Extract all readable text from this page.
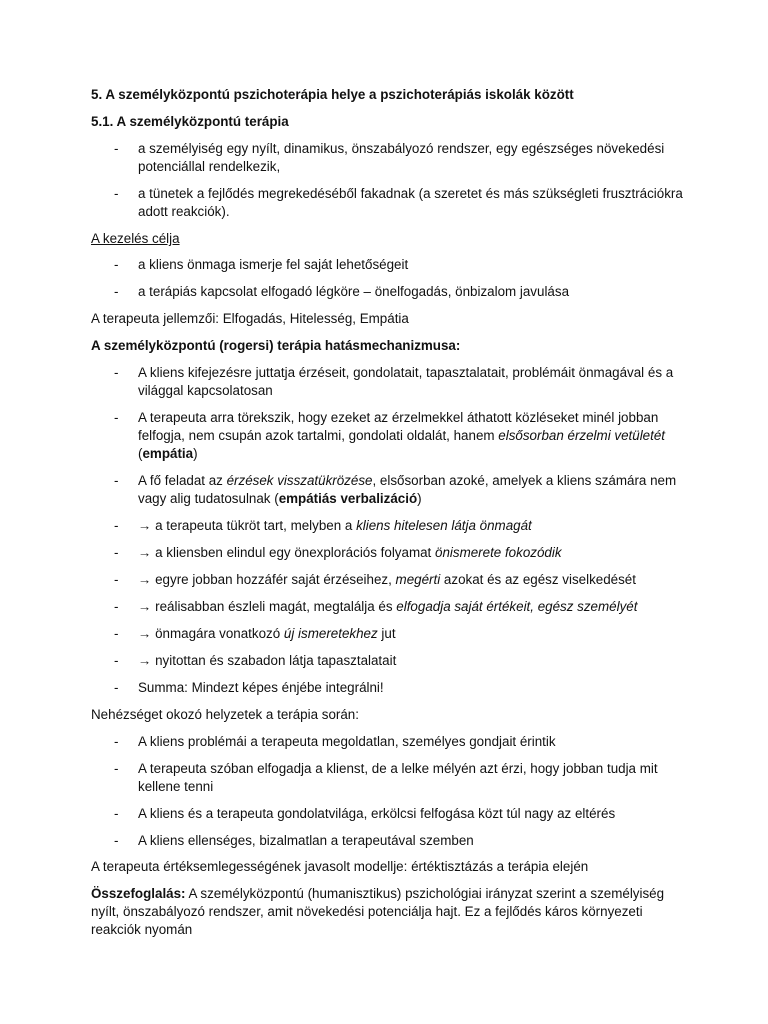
5. A személyközpontú pszichoterápia helye a pszichoterápiás iskolák között

5.1. A személyközpontú terápia

- a személyiség egy nyílt, dinamikus, önszabályozó rendszer, egy egészséges növekedési potenciállal rendelkezik,
- a tünetek a fejlődés megrekedéséből fakadnak (a szeretet és más szükségleti frusztrációkra adott reakciók).

A kezelés célja

- a kliens önmaga ismerje fel saját lehetőségeit
- a terápiás kapcsolat elfogadó légköre – önelfogadás, önbizalom javulása

A terapeuta jellemzői: Elfogadás, Hitelesség, Empátia

A személyközpontú (rogersi) terápia hatásmechanizmusa:

- A kliens kifejezésre juttatja érzéseit, gondolatait, tapasztalatait, problémáit önmagával és a világgal kapcsolatosan
- A terapeuta arra törekszik, hogy ezeket az érzelmekkel áthatott közléseket minél jobban felfogja, nem csupán azok tartalmi, gondolati oldalát, hanem elsősorban érzelmi vetületét (empátia)
- A fő feladat az érzések visszatükrözése, elsősorban azoké, amelyek a kliens számára nem vagy alig tudatosulnak (empátiás verbalizáció)
- → a terapeuta tükröt tart, melyben a kliens hitelesen látja önmagát
- → a kliensben elindul egy önexplorációs folyamat önismerete fokozódik
- → egyre jobban hozzáfér saját érzéseihez, megérti azokat és az egész viselkedését
- → reálisabban észleli magát, megtalálja és elfogadja saját értékeit, egész személyét
- → önmagára vonatkozó új ismeretekhez jut
- → nyitottan és szabadon látja tapasztalatait
- Summa: Mindezt képes énjébe integrálni!

Nehézséget okozó helyzetek a terápia során:

- A kliens problémái a terapeuta megoldatlan, személyes gondjait érintik
- A terapeuta szóban elfogadja a klienst, de a lelke mélyén azt érzi, hogy jobban tudja mit kellene tenni
- A kliens és a terapeuta gondolatvilága, erkölcsi felfogása közt túl nagy az eltérés
- A kliens ellenséges, bizalmatlan a terapeutával szemben

A terapeuta értéksemlegességének javasolt modellje: értéktisztázás a terápia elején

Összefoglalás: A személyközpontú (humanisztikus) pszichológiai irányzat szerint a személyiség nyílt, önszabályozó rendszer, amit növekedési potenciálja hajt. Ez a fejlődés káros környezeti reakciók nyomán
